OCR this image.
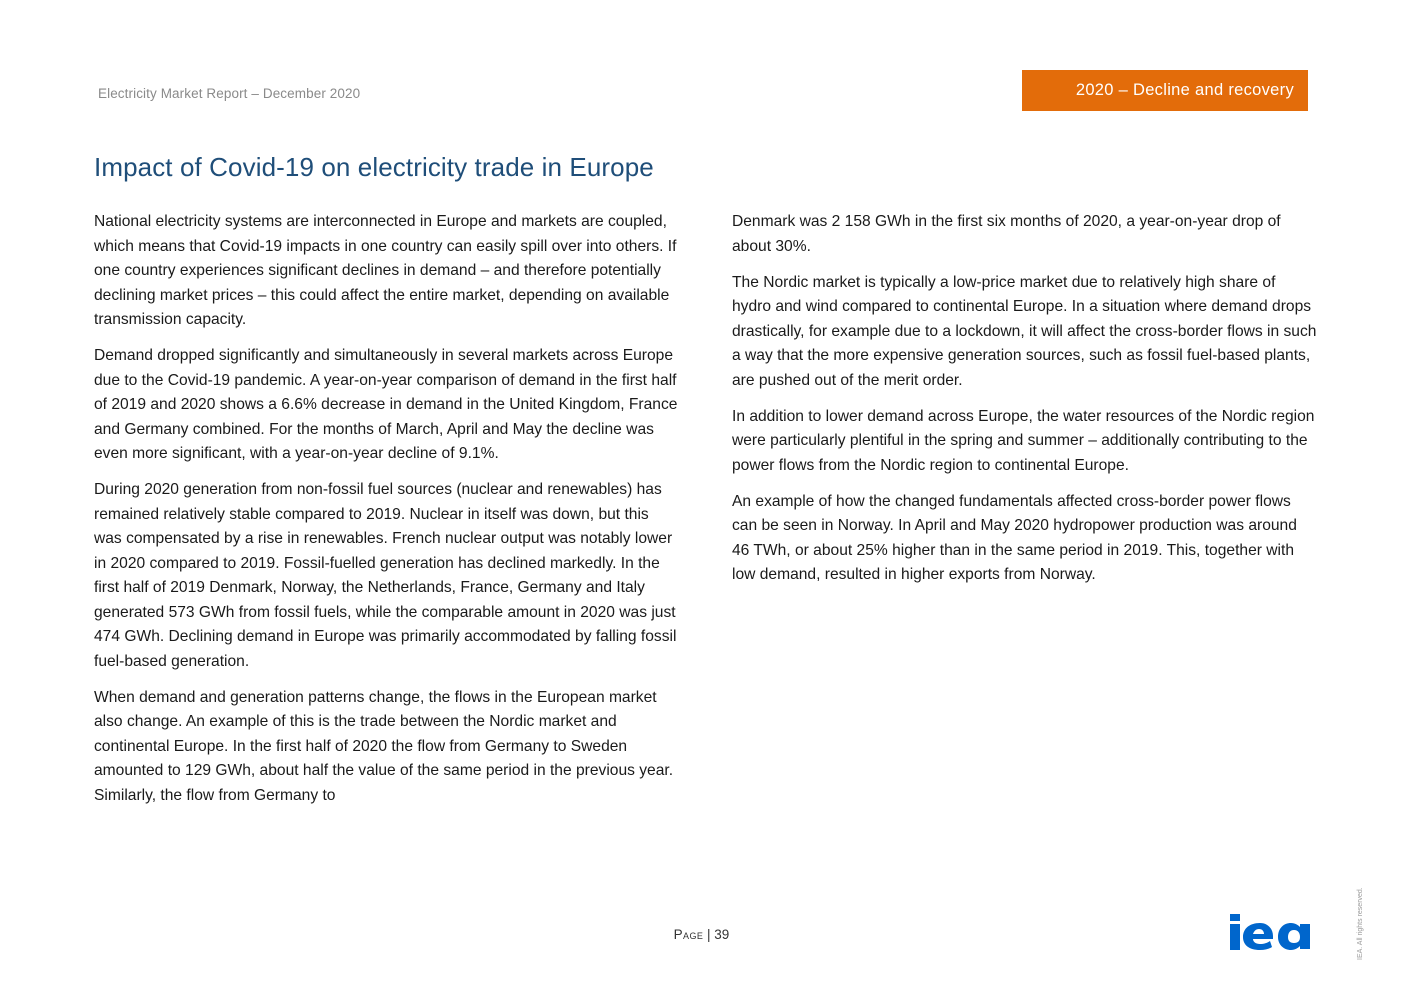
Electricity Market Report – December 2020	2020 – Decline and recovery
Impact of Covid-19 on electricity trade in Europe

National electricity systems are interconnected in Europe and markets are coupled, which means that Covid-19 impacts in one country can easily spill over into others. If one country experiences significant declines in demand – and therefore potentially declining market prices – this could affect the entire market, depending on available transmission capacity.

Demand dropped significantly and simultaneously in several markets across Europe due to the Covid-19 pandemic. A year-on-year comparison of demand in the first half of 2019 and 2020 shows a 6.6% decrease in demand in the United Kingdom, France and Germany combined. For the months of March, April and May the decline was even more significant, with a year-on-year decline of 9.1%.

During 2020 generation from non-fossil fuel sources (nuclear and renewables) has remained relatively stable compared to 2019. Nuclear in itself was down, but this was compensated by a rise in renewables. French nuclear output was notably lower in 2020 compared to 2019. Fossil-fuelled generation has declined markedly. In the first half of 2019 Denmark, Norway, the Netherlands, France, Germany and Italy generated 573 GWh from fossil fuels, while the comparable amount in 2020 was just 474 GWh. Declining demand in Europe was primarily accommodated by falling fossil fuel-based generation.

When demand and generation patterns change, the flows in the European market also change. An example of this is the trade between the Nordic market and continental Europe. In the first half of 2020 the flow from Germany to Sweden amounted to 129 GWh, about half the value of the same period in the previous year. Similarly, the flow from Germany to

Denmark was 2 158 GWh in the first six months of 2020, a year-on-year drop of about 30%.

The Nordic market is typically a low-price market due to relatively high share of hydro and wind compared to continental Europe. In a situation where demand drops drastically, for example due to a lockdown, it will affect the cross-border flows in such a way that the more expensive generation sources, such as fossil fuel-based plants, are pushed out of the merit order.

In addition to lower demand across Europe, the water resources of the Nordic region were particularly plentiful in the spring and summer – additionally contributing to the power flows from the Nordic region to continental Europe.

An example of how the changed fundamentals affected cross-border power flows can be seen in Norway. In April and May 2020 hydropower production was around 46 TWh, or about 25% higher than in the same period in 2019. This, together with low demand, resulted in higher exports from Norway.

Page | 39	IEA. All rights reserved.
